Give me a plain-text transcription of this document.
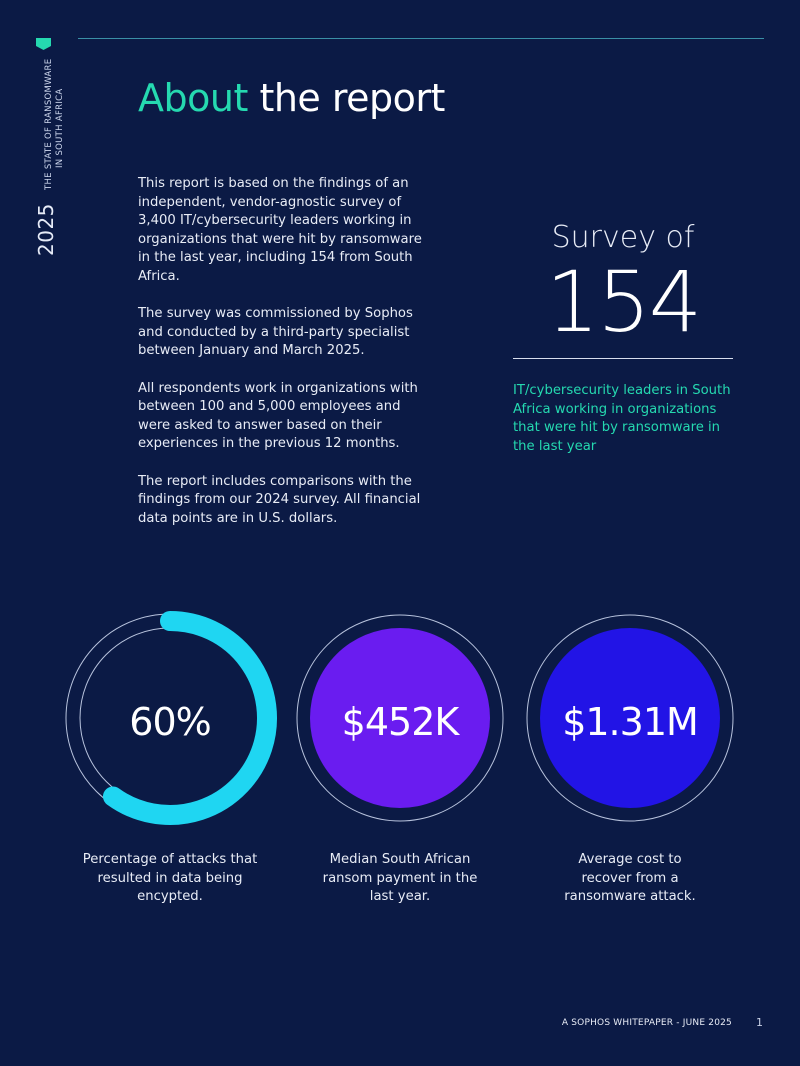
THE STATE OF RANSOMWARE IN SOUTH AFRICA
2025
About the report

This report is based on the findings of an independent, vendor-agnostic survey of 3,400 IT/cybersecurity leaders working in organizations that were hit by ransomware in the last year, including 154 from South Africa.

The survey was commissioned by Sophos and conducted by a third-party specialist between January and March 2025.

All respondents work in organizations with between 100 and 5,000 employees and were asked to answer based on their experiences in the previous 12 months.

The report includes comparisons with the findings from our 2024 survey. All financial data points are in U.S. dollars.

Survey of
154
IT/cybersecurity leaders in South Africa working in organizations that were hit by ransomware in the last year
60%	$452K	$1.31M
Percentage of attacks that resulted in data being encypted.
Median South African ransom payment in the last year.
Average cost to recover from a ransomware attack.
A SOPHOS WHITEPAPER - JUNE 2025 1
